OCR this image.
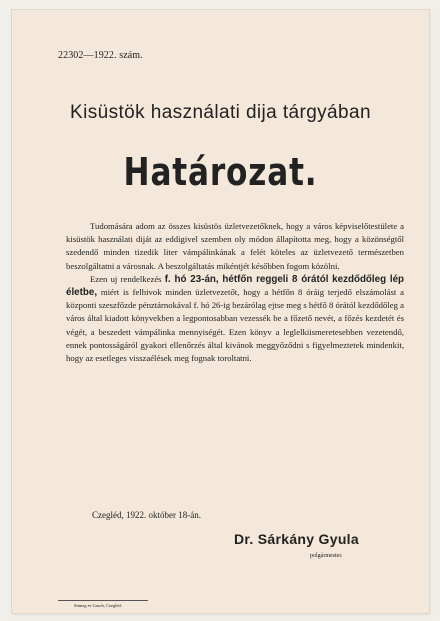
22302—1922. szám.
Kisüstök használati dija tárgyában
Határozat.

Tudomására adom az összes kisüstös üzletvezetőknek, hogy a város képviselőtestülete a kisüstök használati diját az eddigivel szemben oly módon állapította meg, hogy a közönségtől szedendő minden tizedik liter vámpálinkának a felét köteles az üzletvezető természetben beszolgáltatni a városnak. A beszolgáltatás mikéntjét későbben fogom közölni.

Ezen uj rendelkezés f. hó 23-án, hétfőn reggeli 8 órától kezdődőleg lép életbe, miért is felhivok minden üzletvezetőt, hogy a hétfőn 8 óráig terjedő elszámolást a központi szeszfőzde pénztárnokával f. hó 26-ig bezárólag ejtse meg s hétfő 8 órától kezdődőleg a város által kiadott könyvekben a legpontosabban vezessék be a főzető nevét, a főzés kezdetét és végét, a beszedett vámpálinka mennyiségét. Ezen könyv a leglelkiismeretesebben vezetendő, ennek pontosságáról gyakori ellenőrzés által kivánok meggyőződni s figyelmeztetek mindenkit, hogy az esetleges visszaélések meg fognak toroltatni.

Czegléd, 1922. október 18-án.
Dr. Sárkány Gyula
polgármester.
Sümeg és Gasch, Czegléd.
